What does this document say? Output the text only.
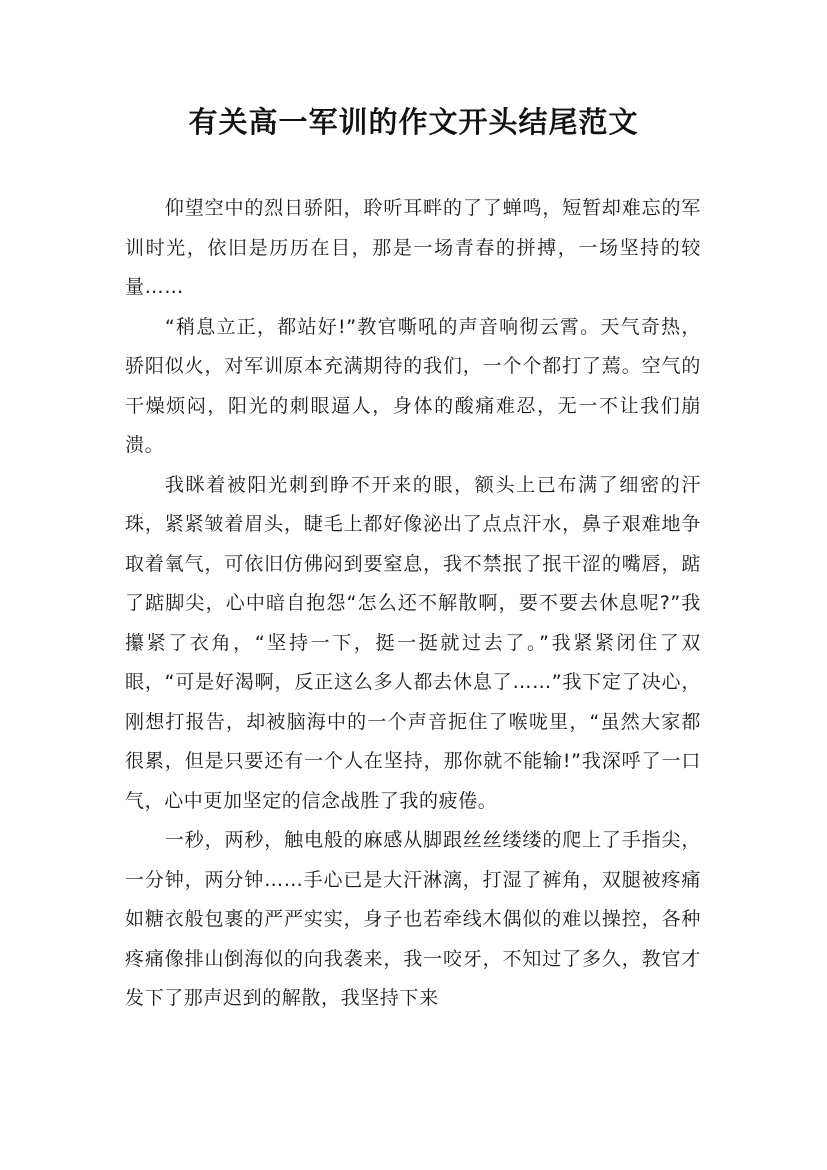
有关高一军训的作文开头结尾范文

仰望空中的烈日骄阳，聆听耳畔的了了蝉鸣，短暂却难忘的军训时光，依旧是历历在目，那是一场青春的拼搏，一场坚持的较量……

“稍息立正，都站好!”教官嘶吼的声音响彻云霄。天气奇热，骄阳似火，对军训原本充满期待的我们，一个个都打了蔫。空气的干燥烦闷，阳光的刺眼逼人，身体的酸痛难忍，无一不让我们崩溃。

我眯着被阳光刺到睁不开来的眼，额头上已布满了细密的汗珠，紧紧皱着眉头，睫毛上都好像泌出了点点汗水，鼻子艰难地争取着氧气，可依旧仿佛闷到要窒息，我不禁抿了抿干涩的嘴唇，踮了踮脚尖，心中暗自抱怨“怎么还不解散啊，要不要去休息呢?”我攥紧了衣角，“坚持一下，挺一挺就过去了。”我紧紧闭住了双眼，“可是好渴啊，反正这么多人都去休息了……”我下定了决心，刚想打报告，却被脑海中的一个声音扼住了喉咙里，“虽然大家都很累，但是只要还有一个人在坚持，那你就不能输!”我深呼了一口气，心中更加坚定的信念战胜了我的疲倦。

一秒，两秒，触电般的麻感从脚跟丝丝缕缕的爬上了手指尖，一分钟，两分钟……手心已是大汗淋漓，打湿了裤角，双腿被疼痛如糖衣般包裹的严严实实，身子也若牵线木偶似的难以操控，各种疼痛像排山倒海似的向我袭来，我一咬牙，不知过了多久，教官才发下了那声迟到的解散，我坚持下来
